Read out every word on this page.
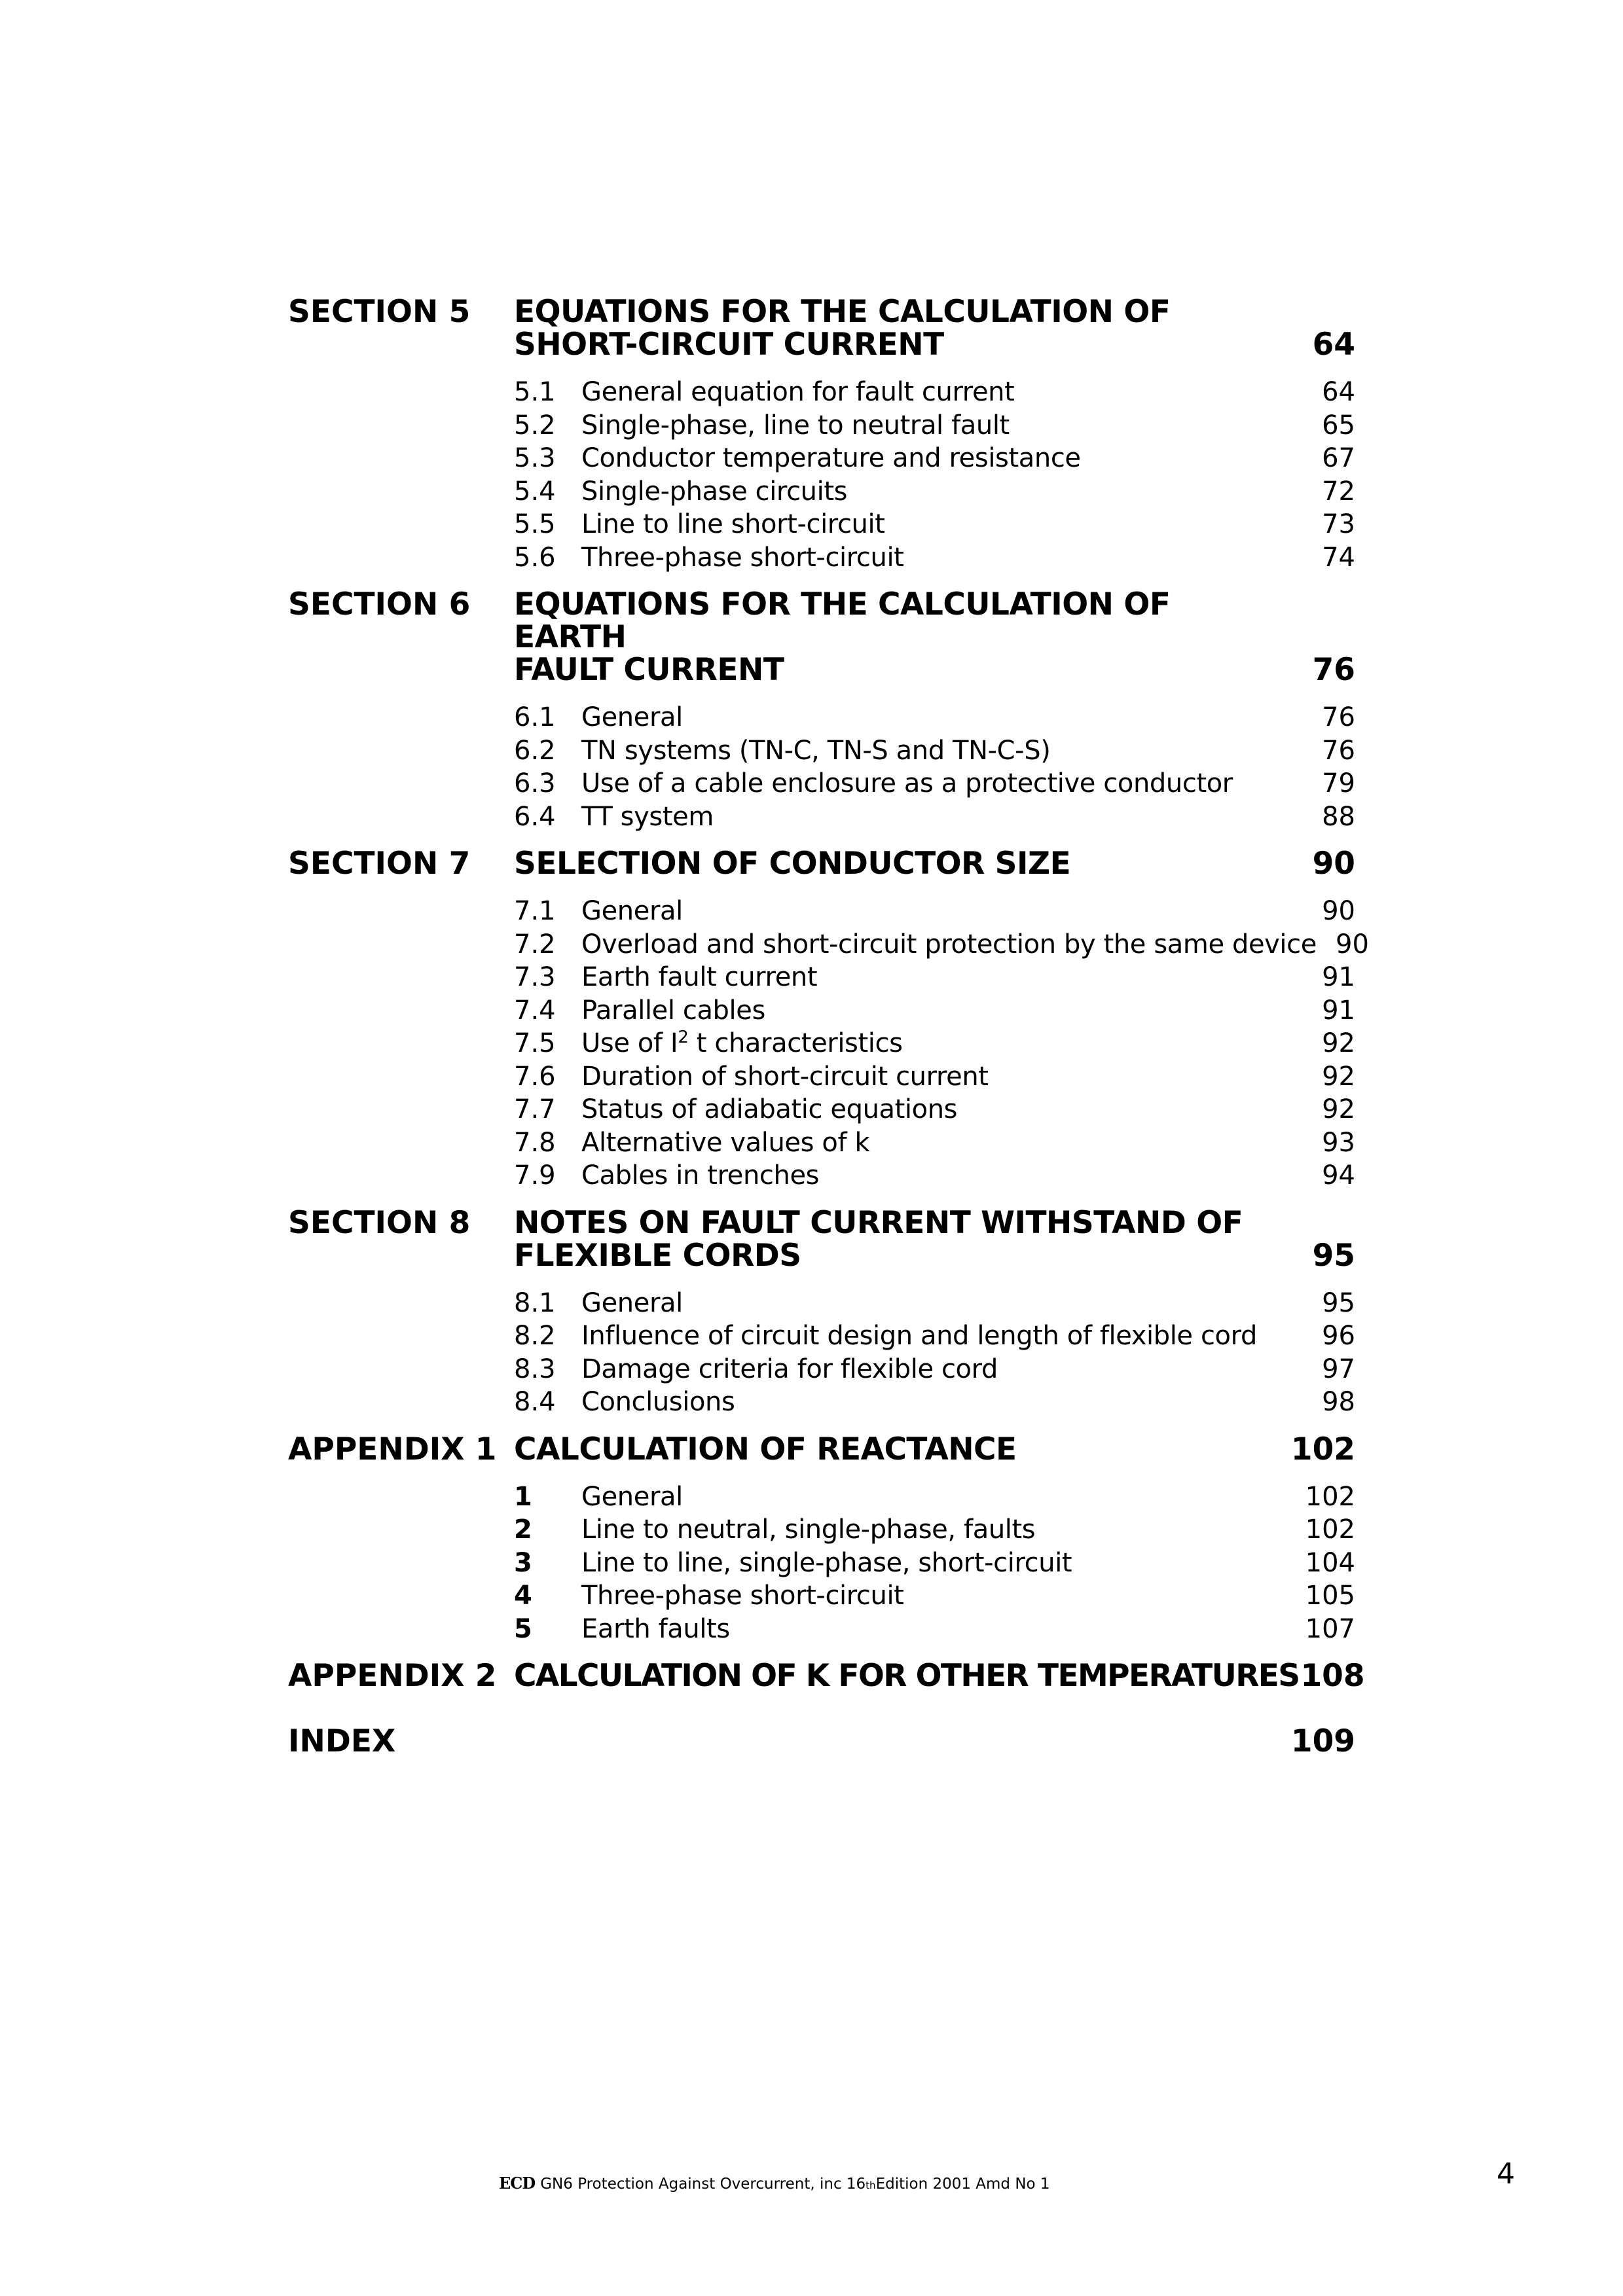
SECTION 5	EQUATIONS FOR THE CALCULATION OF
SHORT-CIRCUIT CURRENT	64
5.1 General equation for fault current	64
5.2 Single-phase, line to neutral fault	65
5.3 Conductor temperature and resistance	67
5.4 Single-phase circuits	72
5.5 Line to line short-circuit	73
5.6 Three-phase short-circuit	74
SECTION 6	EQUATIONS FOR THE CALCULATION OF EARTH
FAULT CURRENT	76
6.1 General	76
6.2 TN systems (TN-C, TN-S and TN-C-S)	76
6.3 Use of a cable enclosure as a protective conductor	79
6.4 TT system	88
SECTION 7	SELECTION OF CONDUCTOR SIZE	90
7.1 General	90
7.2 Overload and short-circuit protection by the same device 90
7.3 Earth fault current	91
7.4 Parallel cables	91
7.5 Use of $I^2$ t characteristics	92
7.6 Duration of short-circuit current	92
7.7 Status of adiabatic equations	92
7.8 Alternative values of k	93
7.9 Cables in trenches	94
SECTION 8	NOTES ON FAULT CURRENT WITHSTAND OF
FLEXIBLE CORDS	95
8.1 General	95
8.2 Influence of circuit design and length of flexible cord	96
8.3 Damage criteria for flexible cord	97
8.4 Conclusions	98
APPENDIX 1 CALCULATION OF REACTANCE	102
1	General	102
2	Line to neutral, single-phase, faults	102
3	Line to line, single-phase, short-circuit	104
4	Three-phase short-circuit	105
5	Earth faults	107
APPENDIX 2 CALCULATION OF K FOR OTHER TEMPERATURES 108
INDEX	109
ECD GN6 Protection Against Overcurrent, inc 16 th Edition 2001 Amd No 1	4
